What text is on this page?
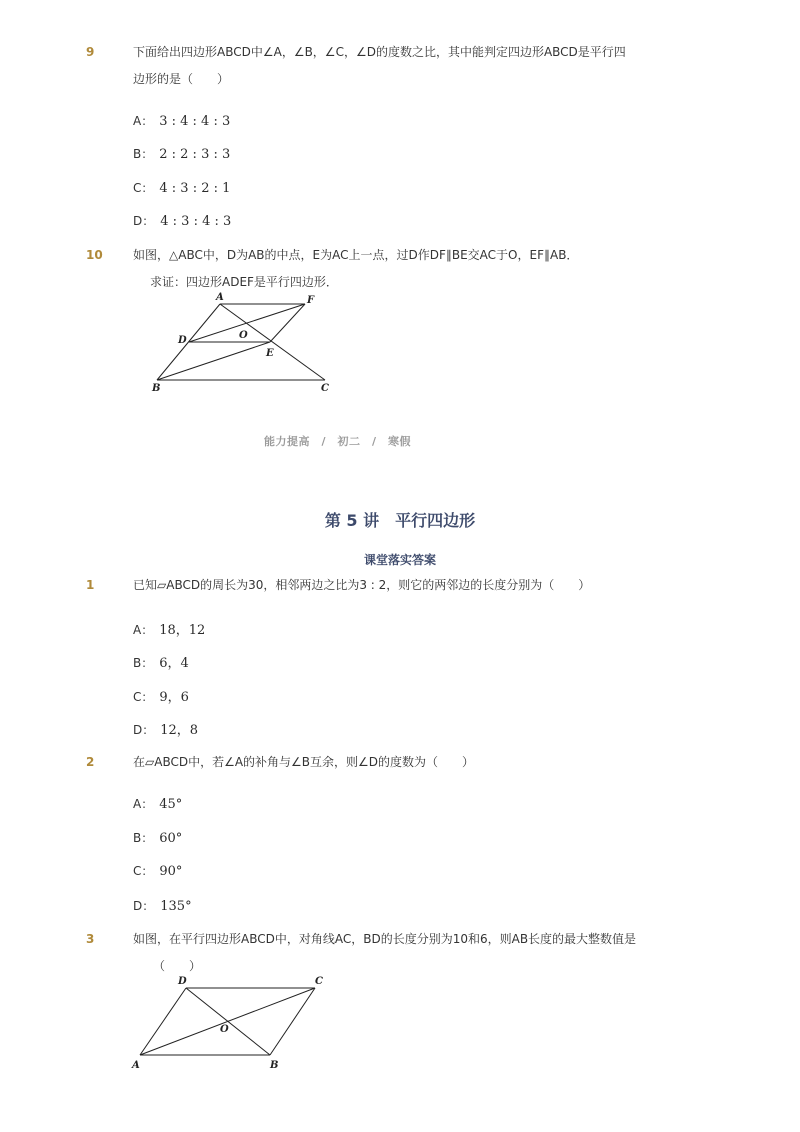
9	下面给出四边形ABCD中∠A，∠B，∠C，∠D的度数之比，其中能判定四边形ABCD是平行四
边形的是（　　）
A： 3 : 4 : 4 : 3
B： 2 : 2 : 3 : 3
C： 4 : 3 : 2 : 1
D： 4 : 3 : 4 : 3
10	如图，△ABC中，D为AB的中点，E为AC上一点，过D作DF∥BE交AC于O，EF∥AB．
求证：四边形ADEF是平行四边形．
A	F
D	O
E
B	C
能力提高　/　初二　/　寒假
第 5 讲　平行四边形
课堂落实答案
1	已知▱ABCD的周长为30，相邻两边之比为3 : 2，则它的两邻边的长度分别为（　　）
A： 18，12
B： 6，4
C： 9，6
D： 12，8
2	在▱ABCD中，若∠A的补角与∠B互余，则∠D的度数为（　　）
A： 45°
B： 60°
C： 90°
D： 135°
3	如图，在平行四边形ABCD中，对角线AC，BD的长度分别为10和6，则AB长度的最大整数值是
（　　）
D	C
O
A	B
